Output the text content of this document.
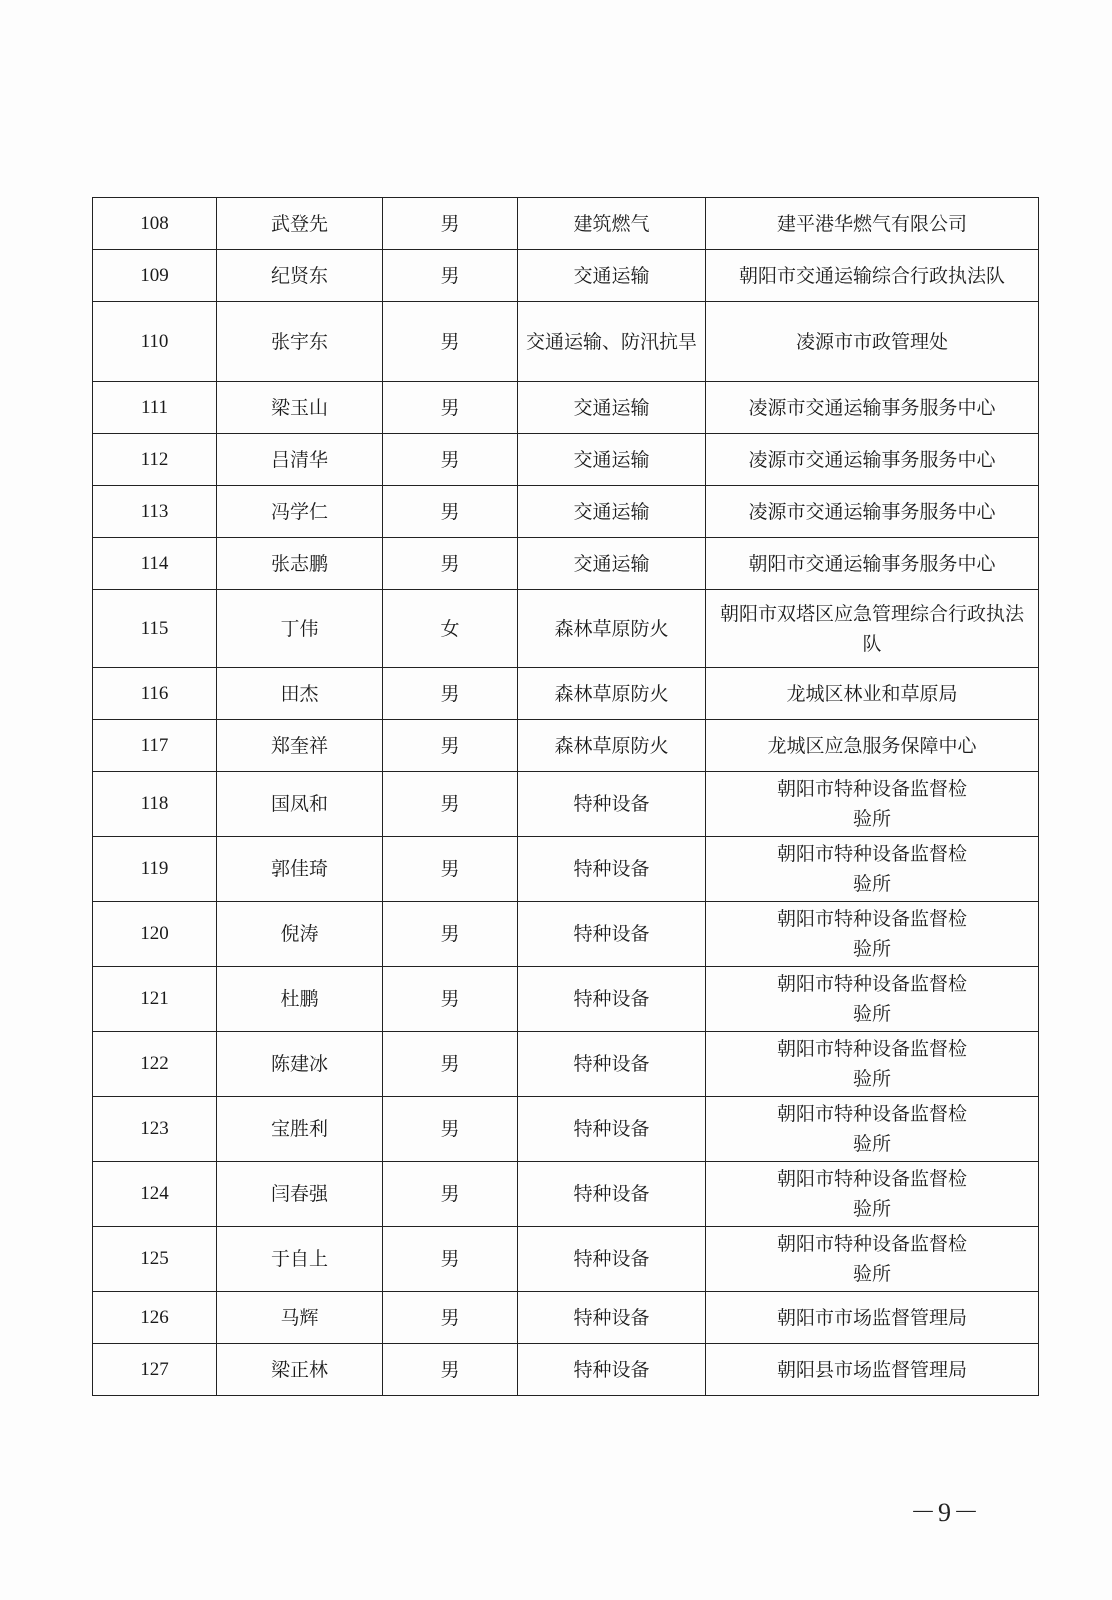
108	武登先	男	建筑燃气	建平港华燃气有限公司
109	纪贤东	男	交通运输	朝阳市交通运输综合行政执法队
110	张宇东	男	交通运输、防汛抗旱	凌源市市政管理处
111	梁玉山	男	交通运输	凌源市交通运输事务服务中心
112	吕清华	男	交通运输	凌源市交通运输事务服务中心
113	冯学仁	男	交通运输	凌源市交通运输事务服务中心
114	张志鹏	男	交通运输	朝阳市交通运输事务服务中心
115	丁伟	女	森林草原防火	朝阳市双塔区应急管理综合行政执法队
116	田杰	男	森林草原防火	龙城区林业和草原局
117	郑奎祥	男	森林草原防火	龙城区应急服务保障中心
118	国凤和	男	特种设备	朝阳市特种设备监督检验所
119	郭佳琦	男	特种设备	朝阳市特种设备监督检验所
120	倪涛	男	特种设备	朝阳市特种设备监督检验所
121	杜鹏	男	特种设备	朝阳市特种设备监督检验所
122	陈建冰	男	特种设备	朝阳市特种设备监督检验所
123	宝胜利	男	特种设备	朝阳市特种设备监督检验所
124	闫春强	男	特种设备	朝阳市特种设备监督检验所
125	于自上	男	特种设备	朝阳市特种设备监督检验所
126	马辉	男	特种设备	朝阳市市场监督管理局
127	梁正林	男	特种设备	朝阳县市场监督管理局
－9－
